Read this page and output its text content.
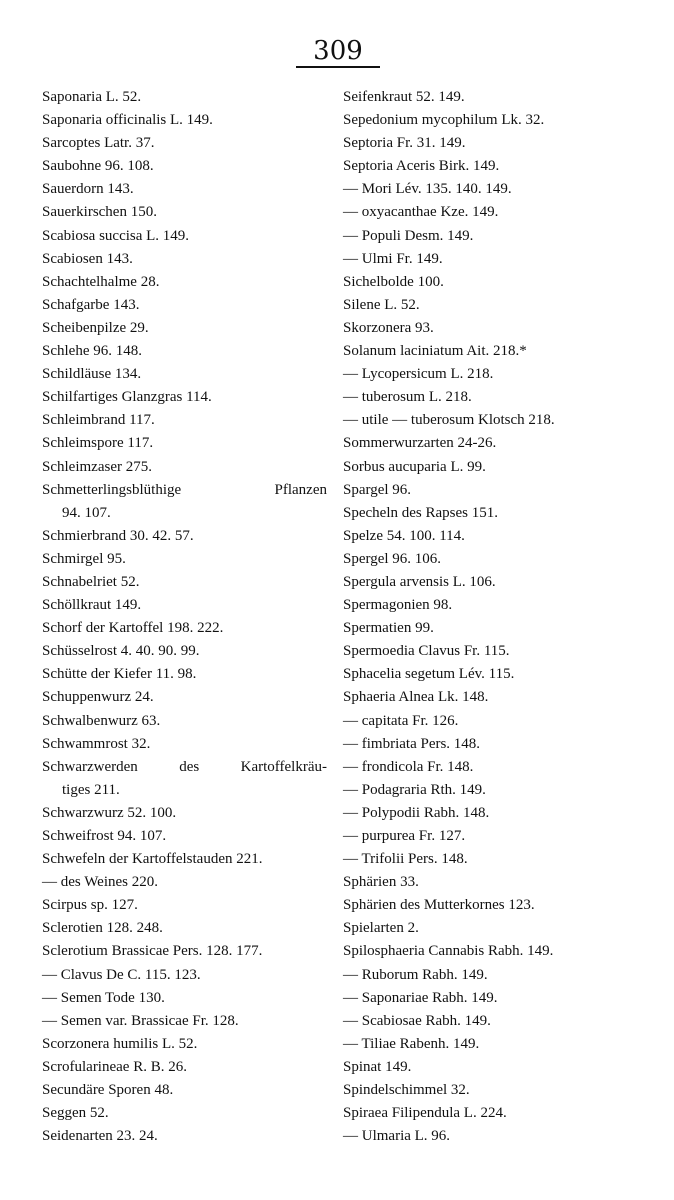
309
Saponaria L. 52.
Saponaria officinalis L. 149.
Sarcoptes Latr. 37.
Saubohne 96. 108.
Sauerdorn 143.
Sauerkirschen 150.
Scabiosa succisa L. 149.
Scabiosen 143.
Schachtelhalme 28.
Schafgarbe 143.
Scheibenpilze 29.
Schlehe 96. 148.
Schildläuse 134.
Schilfartiges Glanzgras 114.
Schleimbrand 117.
Schleimspore 117.
Schleimzaser 275.
Schmetterlingsblüthige Pflanzen
94. 107.
Schmierbrand 30. 42. 57.
Schmirgel 95.
Schnabelriet 52.
Schöllkraut 149.
Schorf der Kartoffel 198. 222.
Schüsselrost 4. 40. 90. 99.
Schütte der Kiefer 11. 98.
Schuppenwurz 24.
Schwalbenwurz 63.
Schwammrost 32.
Schwarzwerden des Kartoffelkräu-
tiges 211.
Schwarzwurz 52. 100.
Schweifrost 94. 107.
Schwefeln der Kartoffelstauden 221.
— des Weines 220.
Scirpus sp. 127.
Sclerotien 128. 248.
Sclerotium Brassicae Pers. 128. 177.
— Clavus De C. 115. 123.
— Semen Tode 130.
— Semen var. Brassicae Fr. 128.
Scorzonera humilis L. 52.
Scrofularineae R. B. 26.
Secundäre Sporen 48.
Seggen 52.
Seidenarten 23. 24.
Seifenkraut 52. 149.
Sepedonium mycophilum Lk. 32.
Septoria Fr. 31. 149.
Septoria Aceris Birk. 149.
— Mori Lév. 135. 140. 149.
— oxyacanthae Kze. 149.
— Populi Desm. 149.
— Ulmi Fr. 149.
Sichelbolde 100.
Silene L. 52.
Skorzonera 93.
Solanum laciniatum Ait. 218.*
— Lycopersicum L. 218.
— tuberosum L. 218.
— utile — tuberosum Klotsch 218.
Sommerwurzarten 24-26.
Sorbus aucuparia L. 99.
Spargel 96.
Specheln des Rapses 151.
Spelze 54. 100. 114.
Spergel 96. 106.
Spergula arvensis L. 106.
Spermagonien 98.
Spermatien 99.
Spermoedia Clavus Fr. 115.
Sphacelia segetum Lév. 115.
Sphaeria Alnea Lk. 148.
— capitata Fr. 126.
— fimbriata Pers. 148.
— frondicola Fr. 148.
— Podagraria Rth. 149.
— Polypodii Rabh. 148.
— purpurea Fr. 127.
— Trifolii Pers. 148.
Sphärien 33.
Sphärien des Mutterkornes 123.
Spielarten 2.
Spilosphaeria Cannabis Rabh. 149.
— Ruborum Rabh. 149.
— Saponariae Rabh. 149.
— Scabiosae Rabh. 149.
— Tiliae Rabenh. 149.
Spinat 149.
Spindelschimmel 32.
Spiraea Filipendula L. 224.
— Ulmaria L. 96.
